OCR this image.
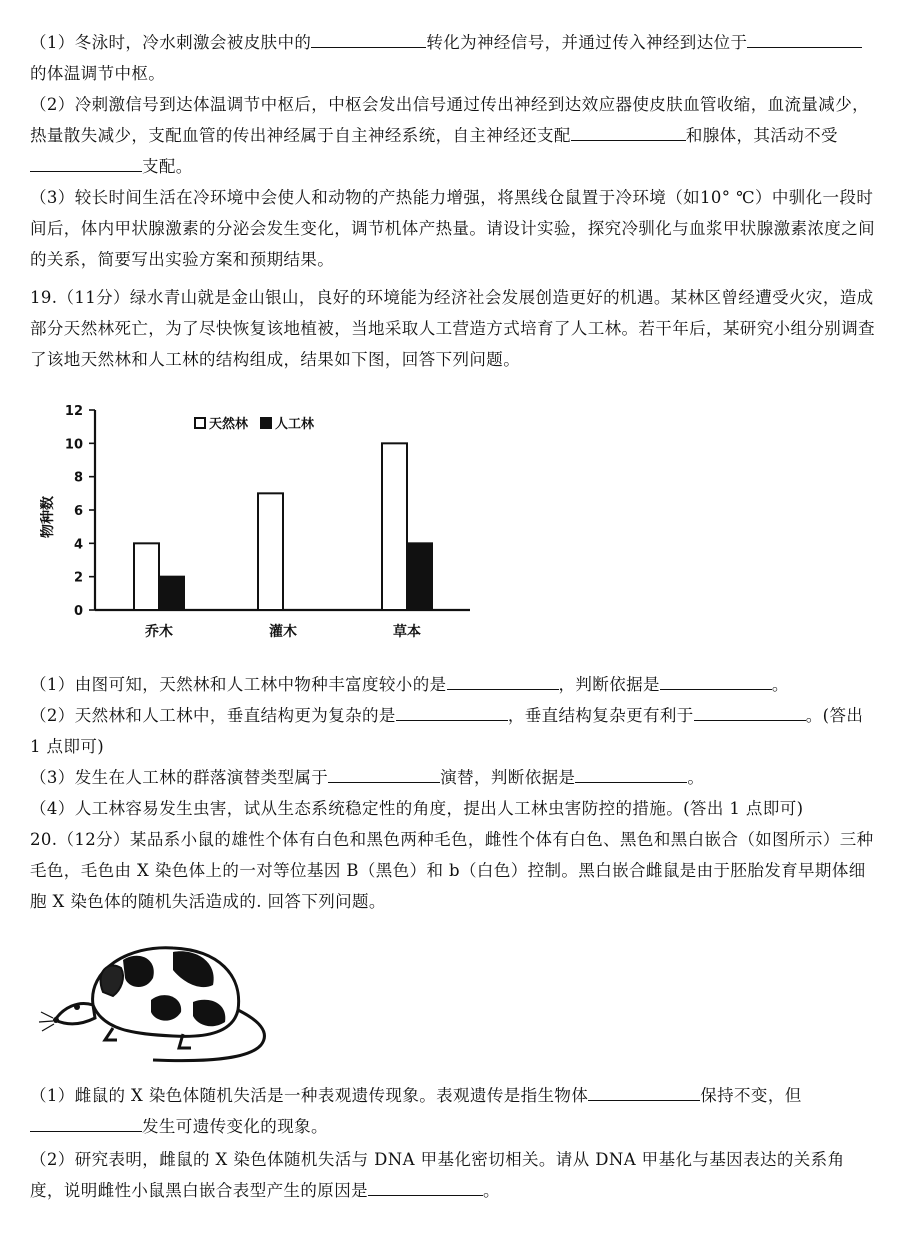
（1）冬泳时，冷水刺激会被皮肤中的	转化为神经信号，并通过传入神经到达位于
的体温调节中枢。
（2）冷刺激信号到达体温调节中枢后，中枢会发出信号通过传出神经到达效应器使皮肤血管收缩，血流量减少，热量散失减少，支配血管的传出神经属于自主神经系统，自主神经还支配	和腺体，其活动不受支配。
（3）较长时间生活在冷环境中会使人和动物的产热能力增强，将黑线仓鼠置于冷环境（如10° ℃）中驯化一段时间后，体内甲状腺激素的分泌会发生变化，调节机体产热量。请设计实验，探究冷驯化与血浆甲状腺激素浓度之间的关系，简要写出实验方案和预期结果。
19.（11分）绿水青山就是金山银山，良好的环境能为经济社会发展创造更好的机遇。某林区曾经遭受火灾，造成部分天然林死亡，为了尽快恢复该地植被，当地采取人工营造方式培育了人工林。若干年后，某研究小组分别调查了该地天然林和人工林的结构组成，结果如下图，回答下列问题。
0
2
4
6
8
10
12
物种数
乔木	灌木	草本
天然林 人工林
（1）由图可知，天然林和人工林中物种丰富度较小的是	，判断依据是	。
（2）天然林和人工林中，垂直结构更为复杂的是	，垂直结构复杂更有利于	。(答出 1 点即可)
（3）发生在人工林的群落演替类型属于	演替，判断依据是	。
（4）人工林容易发生虫害，试从生态系统稳定性的角度，提出人工林虫害防控的措施。(答出 1 点即可)
20.（12分）某品系小鼠的雄性个体有白色和黑色两种毛色，雌性个体有白色、黑色和黑白嵌合（如图所示）三种毛色，毛色由 X 染色体上的一对等位基因 B（黑色）和 b（白色）控制。黑白嵌合雌鼠是由于胚胎发育早期体细胞 X 染色体的随机失活造成的. 回答下列问题。
（1）雌鼠的 X 染色体随机失活是一种表观遗传现象。表观遗传是指生物体	保持不变，但
发生可遗传变化的现象。
（2）研究表明，雌鼠的 X 染色体随机失活与 DNA 甲基化密切相关。请从 DNA 甲基化与基因表达的关系角度，说明雌性小鼠黑白嵌合表型产生的原因是	。
